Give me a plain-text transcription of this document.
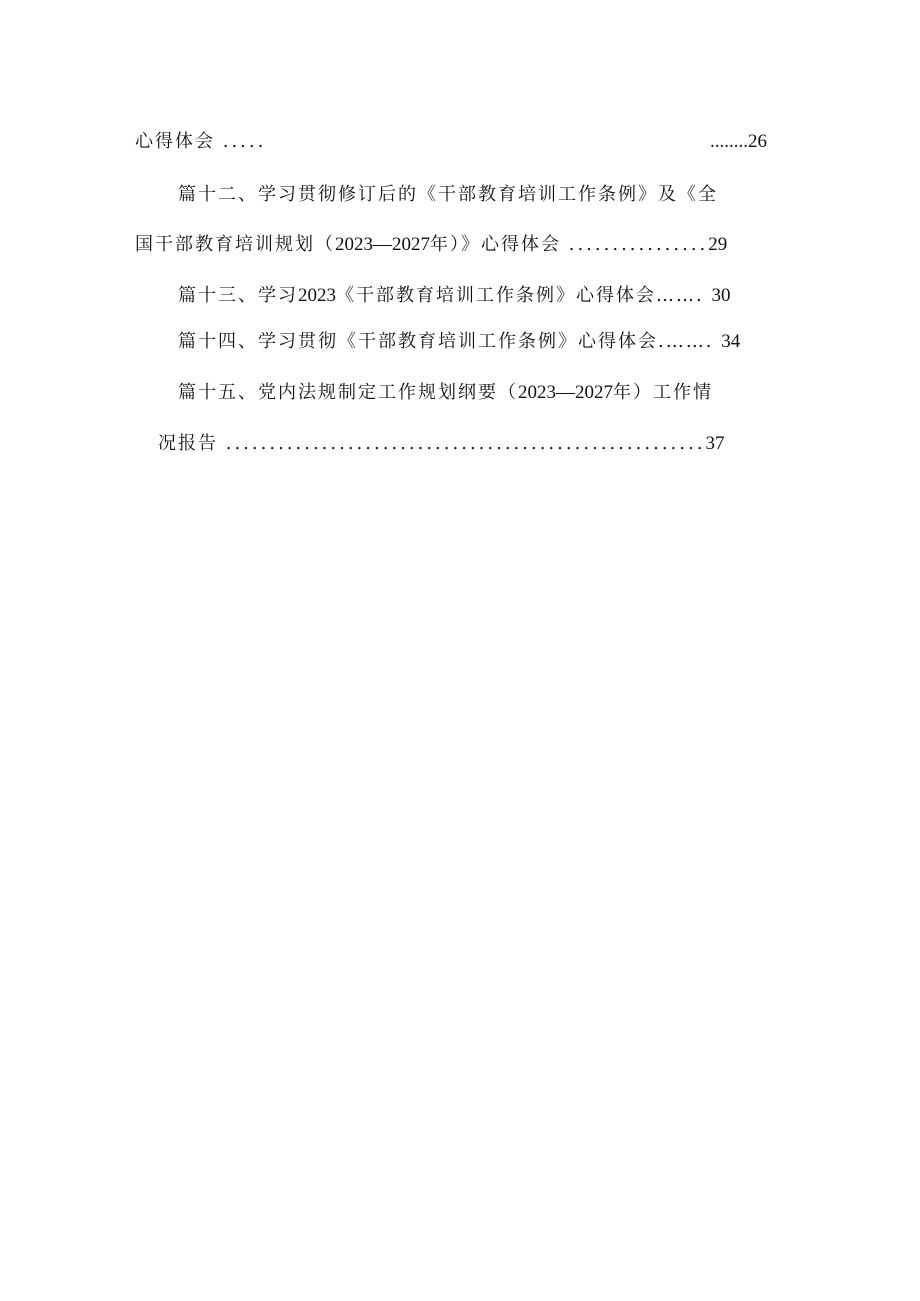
心得体会 .....	........26
篇十二、学习贯彻修订后的《干部教育培训工作条例》及《全
国干部教育培训规划（2023—2027年）》心得体会 ................29
篇十三、学习2023《干部教育培训工作条例》心得体会……. 30
篇十四、学习贯彻《干部教育培训工作条例》心得体会.……. 34
篇十五、党内法规制定工作规划纲要（2023—2027年）工作情
况报告 .......................................................37
